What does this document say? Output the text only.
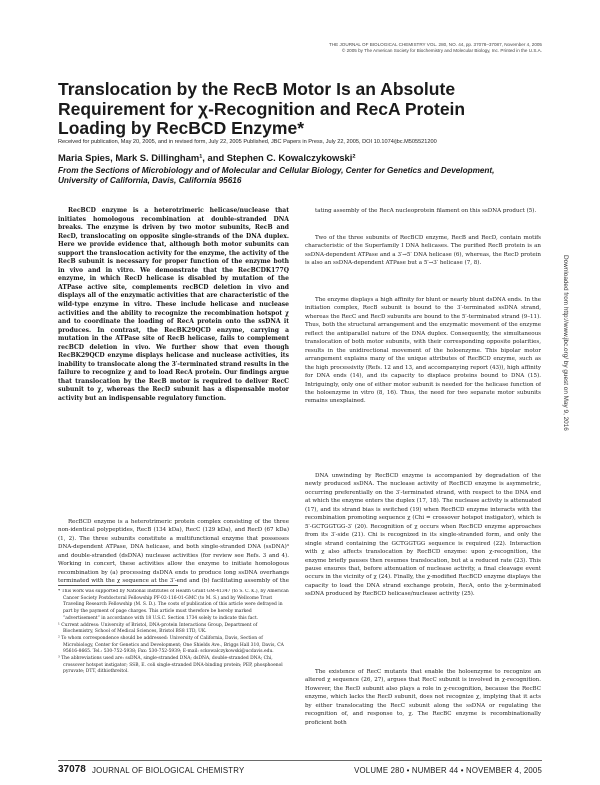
THE JOURNAL OF BIOLOGICAL CHEMISTRY VOL. 280, NO. 44, pp. 37078–37087, November 4, 2005
© 2005 by The American Society for Biochemistry and Molecular Biology, Inc. Printed in the U.S.A.
Translocation by the RecB Motor Is an Absolute Requirement for χ-Recognition and RecA Protein Loading by RecBCD Enzyme*
Received for publication, May 20, 2005, and in revised form, July 22, 2005 Published, JBC Papers in Press, July 22, 2005, DOI 10.1074/jbc.M505521200
Maria Spies, Mark S. Dillingham¹, and Stephen C. Kowalczykowski²
From the Sections of Microbiology and of Molecular and Cellular Biology, Center for Genetics and Development, University of California, Davis, California 95616

RecBCD enzyme is a heterotrimeric helicase/nuclease that initiates homologous recombination at double-stranded DNA breaks. The enzyme is driven by two motor subunits, RecB and RecD, translocating on opposite single-strands of the DNA duplex. Here we provide evidence that, although both motor subunits can support the translocation activity for the enzyme, the activity of the RecB subunit is necessary for proper function of the enzyme both in vivo and in vitro. We demonstrate that the RecBCDK177Q enzyme, in which RecD helicase is disabled by mutation of the ATPase active site, complements recBCD deletion in vivo and displays all of the enzymatic activities that are characteristic of the wild-type enzyme in vitro. These include helicase and nuclease activities and the ability to recognize the recombination hotspot χ and to coordinate the loading of RecA protein onto the ssDNA it produces. In contrast, the RecBK29QCD enzyme, carrying a mutation in the ATPase site of RecB helicase, fails to complement recBCD deletion in vivo. We further show that even though RecBK29QCD enzyme displays helicase and nuclease activities, its inability to translocate along the 3′-terminated strand results in the failure to recognize χ and to load RecA protein. Our findings argue that translocation by the RecB motor is required to deliver RecC subunit to χ, whereas the RecD subunit has a dispensable motor activity but an indispensable regulatory function.

RecBCD enzyme is a heterotrimeric protein complex consisting of the three non-identical polypeptides, RecB (134 kDa), RecC (129 kDa), and RecD (67 kDa) (1, 2). The three subunits constitute a multifunctional enzyme that possesses DNA-dependent ATPase, DNA helicase, and both single-stranded DNA (ssDNA)³ and double-stranded (dsDNA) nuclease activities (for review see Refs. 3 and 4). Working in concert, these activities allow the enzyme to initiate homologous recombination by (a) processing dsDNA ends to produce long ssDNA overhangs terminated with the χ sequence at the 3′-end and (b) facilitating assembly of the

* This work was supported by National Institutes of Health Grant GM-41347 (to S. C. K.), by American Cancer Society Postdoctoral Fellowship PF-02-116-01-GMC (to M. S.) and by Wellcome Trust Traveling Research Fellowship (M. S. D.). The costs of publication of this article were defrayed in part by the payment of page charges. This article must therefore be hereby marked “advertisement” in accordance with 18 U.S.C. Section 1734 solely to indicate this fact.
¹ Current address: University of Bristol, DNA-protein Interactions Group, Department of Biochemistry, School of Medical Sciences, Bristol BS8 1TD, UK.
² To whom correspondence should be addressed: University of California, Davis, Section of Microbiology, Center for Genetics and Development; One Shields Ave., Briggs Hall 310, Davis, CA 95616-8665. Tel.: 530-752-5938; Fax: 530-752-5939; E-mail: sckowalczykowski@ucdavis.edu.
³ The abbreviations used are: ssDNA, single-stranded DNA; dsDNA, double-stranded DNA; Chi, crossover hotspot instigator; SSB, E. coli single-stranded DNA-binding protein; PEP, phosphoenol pyruvate; DTT, dithiothreitol.

tating assembly of the RecA nucleoprotein filament on this ssDNA product (5).

Two of the three subunits of RecBCD enzyme, RecB and RecD, contain motifs characteristic of the Superfamily I DNA helicases. The purified RecB protein is an ssDNA-dependent ATPase and a 3′→5′ DNA helicase (6), whereas, the RecD protein is also an ssDNA-dependent ATPase but a 5′→3′ helicase (7, 8).

The enzyme displays a high affinity for blunt or nearly blunt dsDNA ends. In the initiation complex, RecB subunit is bound to the 3′-terminated ssDNA strand, whereas the RecC and RecD subunits are bound to the 5′-terminated strand (9–11). Thus, both the structural arrangement and the enzymatic movement of the enzyme reflect the antiparallel nature of the DNA duplex. Consequently, the simultaneous translocation of both motor subunits, with their corresponding opposite polarities, results in the unidirectional movement of the holoenzyme. This bipolar motor arrangement explains many of the unique attributes of RecBCD enzyme, such as the high processivity (Refs. 12 and 13, and accompanying report (43)), high affinity for DNA ends (14), and its capacity to displace proteins bound to DNA (15). Intriguingly, only one of either motor subunit is needed for the helicase function of the holoenzyme in vitro (8, 16). Thus, the need for two separate motor subunits remains unexplained.

DNA unwinding by RecBCD enzyme is accompanied by degradation of the newly produced ssDNA. The nuclease activity of RecBCD enzyme is asymmetric, occurring preferentially on the 3′-terminated strand, with respect to the DNA end at which the enzyme enters the duplex (17, 18). The nuclease activity is attenuated (17), and its strand bias is switched (19) when RecBCD enzyme interacts with the recombination promoting sequence χ (Chi = crossover hotspot instigator), which is 5′-GCTGGTGG-3′ (20). Recognition of χ occurs when RecBCD enzyme approaches from its 3′-side (21). Chi is recognized in its single-stranded form, and only the single strand containing the GCTGGTGG sequence is required (22). Interaction with χ also affects translocation by RecBCD enzyme: upon χ-recognition, the enzyme briefly pauses then resumes translocation, but at a reduced rate (23). This pause ensures that, before attenuation of nuclease activity, a final cleavage event occurs in the vicinity of χ (24). Finally, the χ-modified RecBCD enzyme displays the capacity to load the DNA strand exchange protein, RecA, onto the χ-terminated ssDNA produced by RecBCD helicase/nuclease activity (25).

The existence of RecC mutants that enable the holoenzyme to recognize an altered χ sequence (26, 27), argues that RecC subunit is involved in χ-recognition. However, the RecD subunit also plays a role in χ-recognition, because the RecBC enzyme, which lacks the RecD subunit, does not recognize χ, implying that it acts by either translocating the RecC subunit along the ssDNA or regulating the recognition of, and response to, χ. The RecBC enzyme is recombinationally proficient both

Downloaded from http://www.jbc.org/ by guest on May 9, 2016
37078 JOURNAL OF BIOLOGICAL CHEMISTRY	VOLUME 280 • NUMBER 44 • NOVEMBER 4, 2005
